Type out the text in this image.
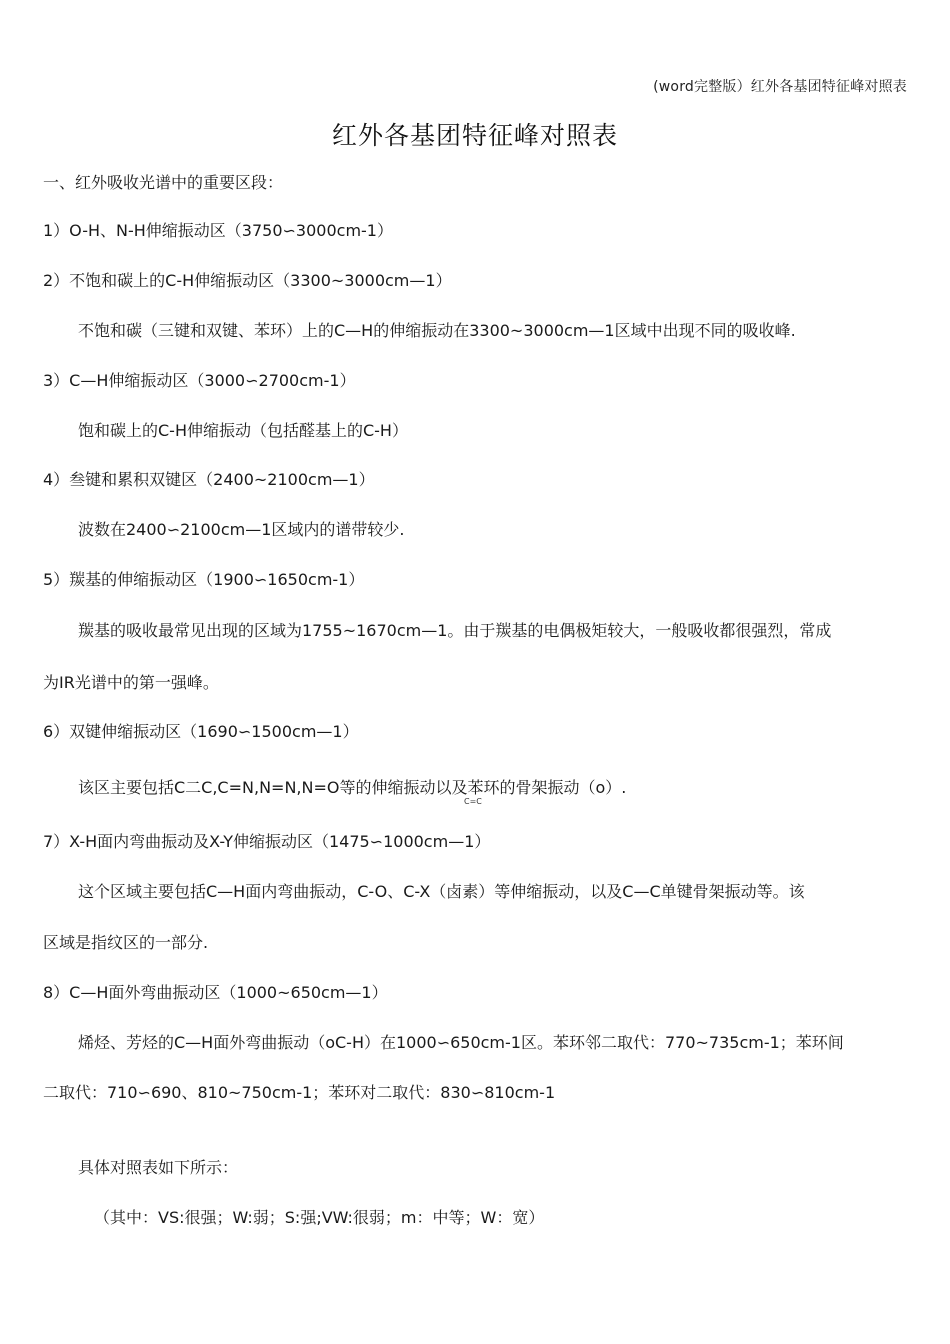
(word完整版）红外各基团特征峰对照表
红外各基团特征峰对照表
一、红外吸收光谱中的重要区段：
1）O-H、N-H伸缩振动区（3750∽3000cm-1）
2）不饱和碳上的C-H伸缩振动区（3300~3000cm—1）
不饱和碳（三键和双键、苯环）上的C—H的伸缩振动在3300~3000cm—1区域中出现不同的吸收峰.
3）C—H伸缩振动区（3000∽2700cm-1）
饱和碳上的C-H伸缩振动（包括醛基上的C-H）
4）叁键和累积双键区（2400~2100cm—1）
波数在2400∽2100cm—1区域内的谱带较少.
5）羰基的伸缩振动区（1900∽1650cm-1）
羰基的吸收最常见出现的区域为1755~1670cm—1。由于羰基的电偶极矩较大，一般吸收都很强烈，常成
为IR光谱中的第一强峰。
6）双键伸缩振动区（1690∽1500cm—1）
该区主要包括C二C,C=N,N=N,N=O等的伸缩振动以及苯环的骨架振动（o）.
C=C
7）X-H面内弯曲振动及X-Y伸缩振动区（1475∽1000cm—1）
这个区域主要包括C—H面内弯曲振动，C-O、C-X（卤素）等伸缩振动，以及C—C单键骨架振动等。该
区域是指纹区的一部分.
8）C—H面外弯曲振动区（1000~650cm—1）
烯烃、芳烃的C—H面外弯曲振动（oC-H）在1000∽650cm-1区。苯环邻二取代：770~735cm-1；苯环间
二取代：710∽690、810~750cm-1；苯环对二取代：830∽810cm-1
具体对照表如下所示：
（其中：VS:很强；W:弱；S:强;VW:很弱；m：中等；W：宽）
